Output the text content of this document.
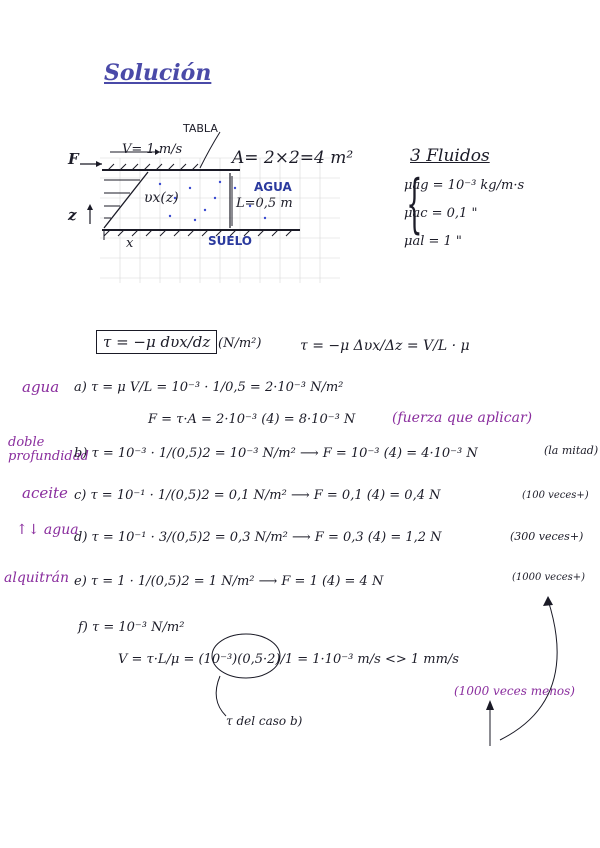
Solución
TABLA
F
V= 1 m/s	A= 2×2=4 m²
υx(z)
AGUA
L=0,5 m
z
x	SUELO
3 Fluidos
{
μag = 10⁻³ kg/m·s
μac = 0,1 "
μal = 1 "
τ = −μ dυx/dz (N/m²)	τ = −μ Δυx/Δz = V/L · μ
agua a) τ = μ V/L = 10⁻³ · 1/0,5 = 2·10⁻³ N/m²
F = τ·A = 2·10⁻³ (4) = 8·10⁻³ N	(fuerza que aplicar)
doble profundidad
b) τ = 10⁻³ · 1/(0,5)2 = 10⁻³ N/m² ⟶ F = 10⁻³ (4) = 4·10⁻³ N	(la mitad)
aceite c) τ = 10⁻¹ · 1/(0,5)2 = 0,1 N/m² ⟶ F = 0,1 (4) = 0,4 N	(100 veces+)
↑↓ agua
d) τ = 10⁻¹ · 3/(0,5)2 = 0,3 N/m² ⟶ F = 0,3 (4) = 1,2 N	(300 veces+)
alquitrán e) τ = 1 · 1/(0,5)2 = 1 N/m² ⟶ F = 1 (4) = 4 N	(1000 veces+)
f) τ = 10⁻³ N/m²
V = τ·L/μ = (10⁻³)(0,5·2)/1 = 1·10⁻³ m/s <> 1 mm/s
(1000 veces menos)
τ del caso b)
